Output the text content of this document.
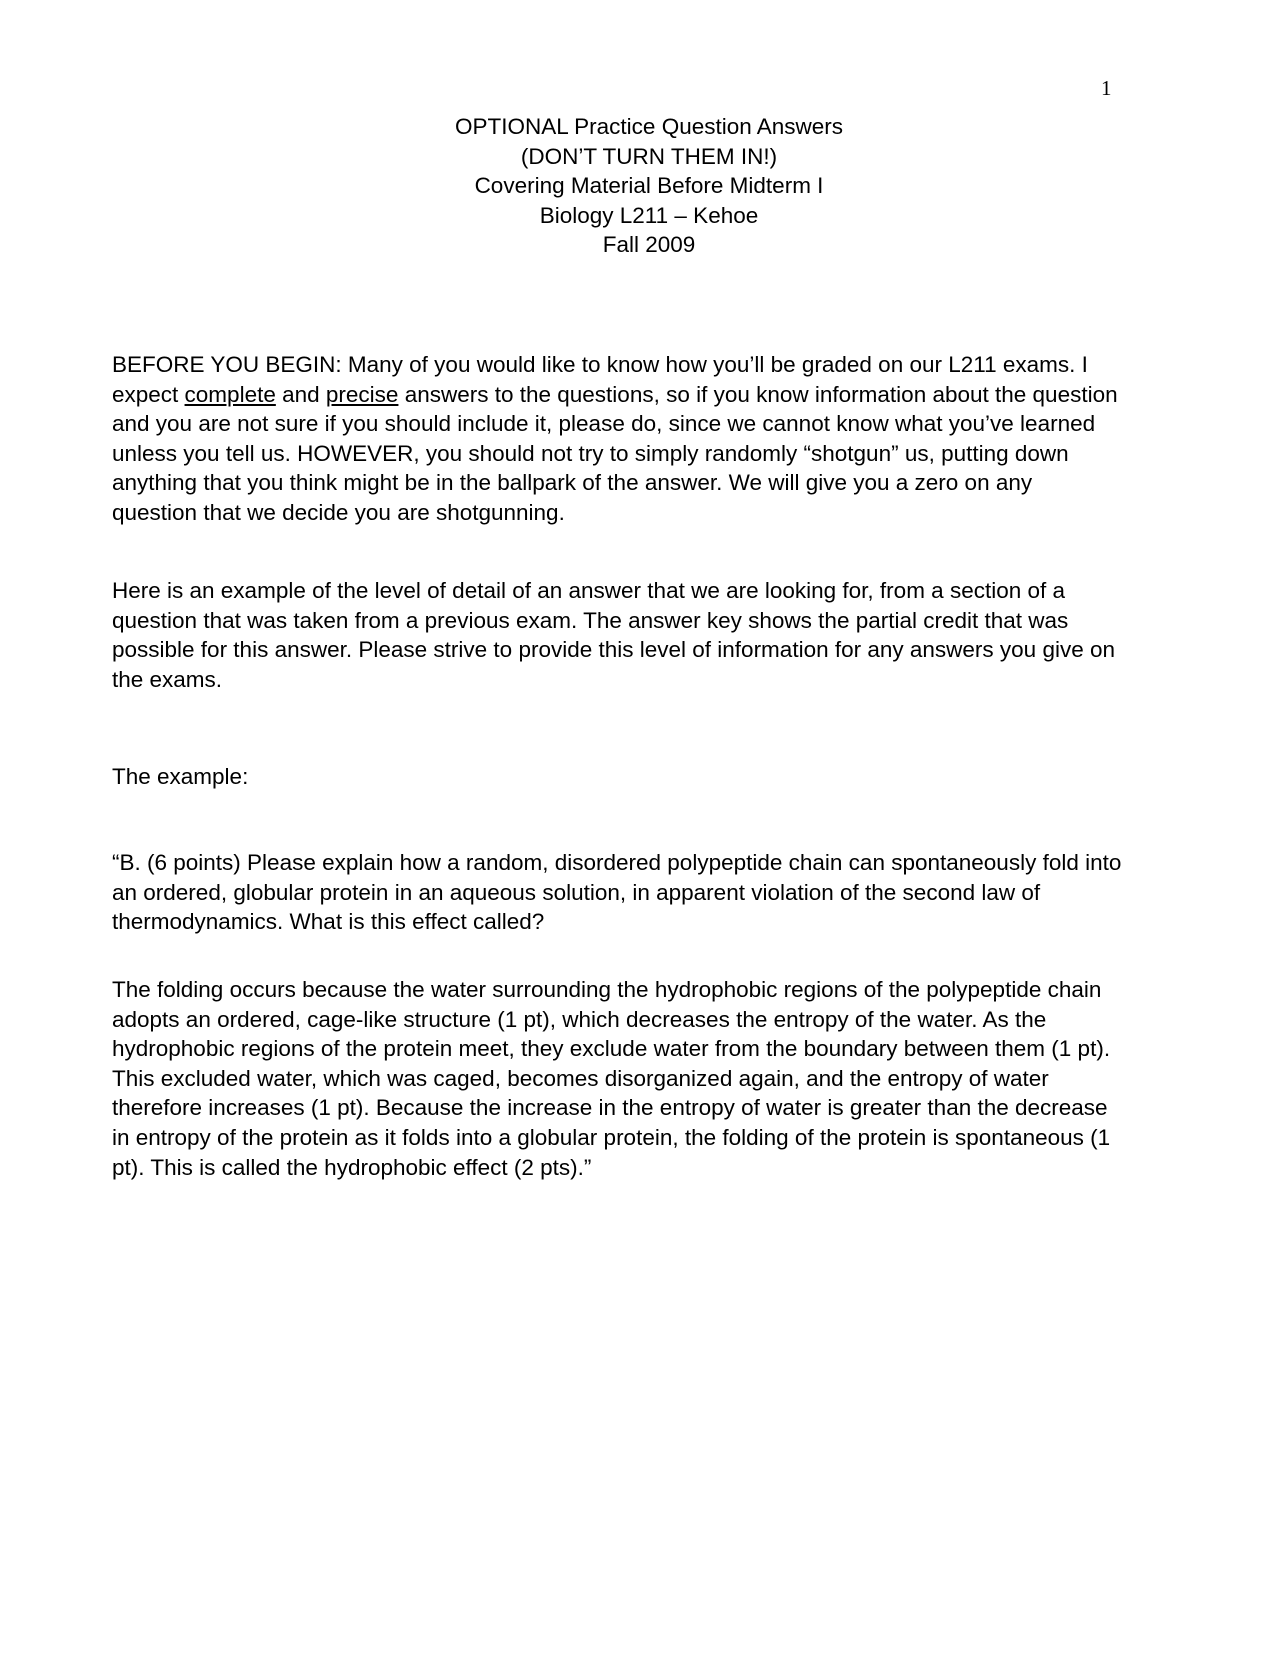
1
OPTIONAL Practice Question Answers
(DON’T TURN THEM IN!)
Covering Material Before Midterm I
Biology L211 – Kehoe
Fall 2009

BEFORE YOU BEGIN: Many of you would like to know how you’ll be graded on our L211 exams. I expect complete and precise answers to the questions, so if you know information about the question and you are not sure if you should include it, please do, since we cannot know what you’ve learned unless you tell us. HOWEVER, you should not try to simply randomly “shotgun” us, putting down anything that you think might be in the ballpark of the answer. We will give you a zero on any question that we decide you are shotgunning.

Here is an example of the level of detail of an answer that we are looking for, from a section of a question that was taken from a previous exam. The answer key shows the partial credit that was possible for this answer. Please strive to provide this level of information for any answers you give on the exams.

The example:

“B. (6 points) Please explain how a random, disordered polypeptide chain can spontaneously fold into an ordered, globular protein in an aqueous solution, in apparent violation of the second law of thermodynamics. What is this effect called?

The folding occurs because the water surrounding the hydrophobic regions of the polypeptide chain adopts an ordered, cage-like structure (1 pt), which decreases the entropy of the water. As the hydrophobic regions of the protein meet, they exclude water from the boundary between them (1 pt). This excluded water, which was caged, becomes disorganized again, and the entropy of water therefore increases (1 pt). Because the increase in the entropy of water is greater than the decrease in entropy of the protein as it folds into a globular protein, the folding of the protein is spontaneous (1 pt). This is called the hydrophobic effect (2 pts).”
